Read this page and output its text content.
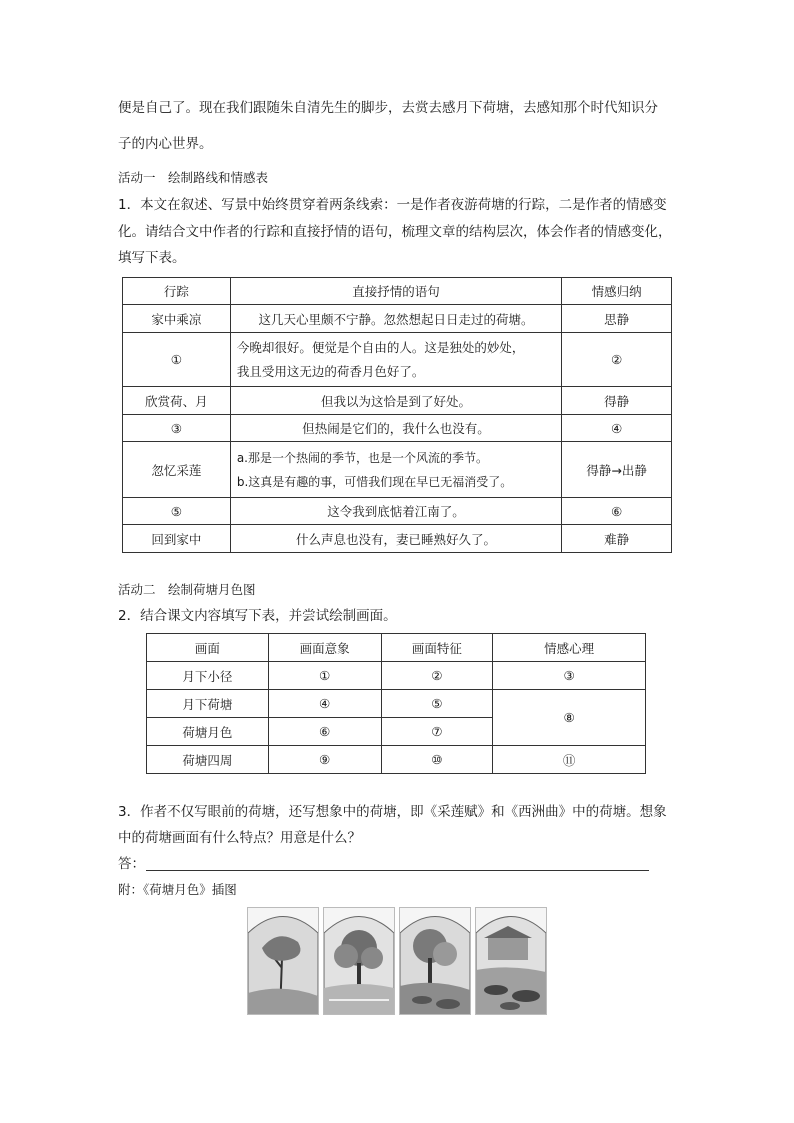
便是自己了。现在我们跟随朱自清先生的脚步，去赏去感月下荷塘，去感知那个时代知识分
子的内心世界。
活动一　绘制路线和情感表
1．本文在叙述、写景中始终贯穿着两条线索：一是作者夜游荷塘的行踪，二是作者的情感变
化。请结合文中作者的行踪和直接抒情的语句，梳理文章的结构层次，体会作者的情感变化，
填写下表。
行踪	直接抒情的语句	情感归纳
家中乘凉	这几天心里颇不宁静。忽然想起日日走过的荷塘。	思静
①	今晚却很好。便觉是个自由的人。这是独处的妙处，
我且受用这无边的荷香月色好了。	②
欣赏荷、月	但我以为这恰是到了好处。	得静
③	但热闹是它们的，我什么也没有。	④
忽忆采莲	a.那是一个热闹的季节，也是一个风流的季节。
b.这真是有趣的事，可惜我们现在早已无福消受了。	得静→出静
⑤	这令我到底惦着江南了。	⑥
回到家中	什么声息也没有，妻已睡熟好久了。	难静
活动二　绘制荷塘月色图
2．结合课文内容填写下表，并尝试绘制画面。
画面	画面意象	画面特征	情感心理
月下小径	①	②	③
月下荷塘	④	⑤	⑧
荷塘月色	⑥	⑦	
荷塘四周	⑨	⑩	⑪
3．作者不仅写眼前的荷塘，还写想象中的荷塘，即《采莲赋》和《西洲曲》中的荷塘。想象
中的荷塘画面有什么特点？用意是什么？
答：
附：《荷塘月色》插图
